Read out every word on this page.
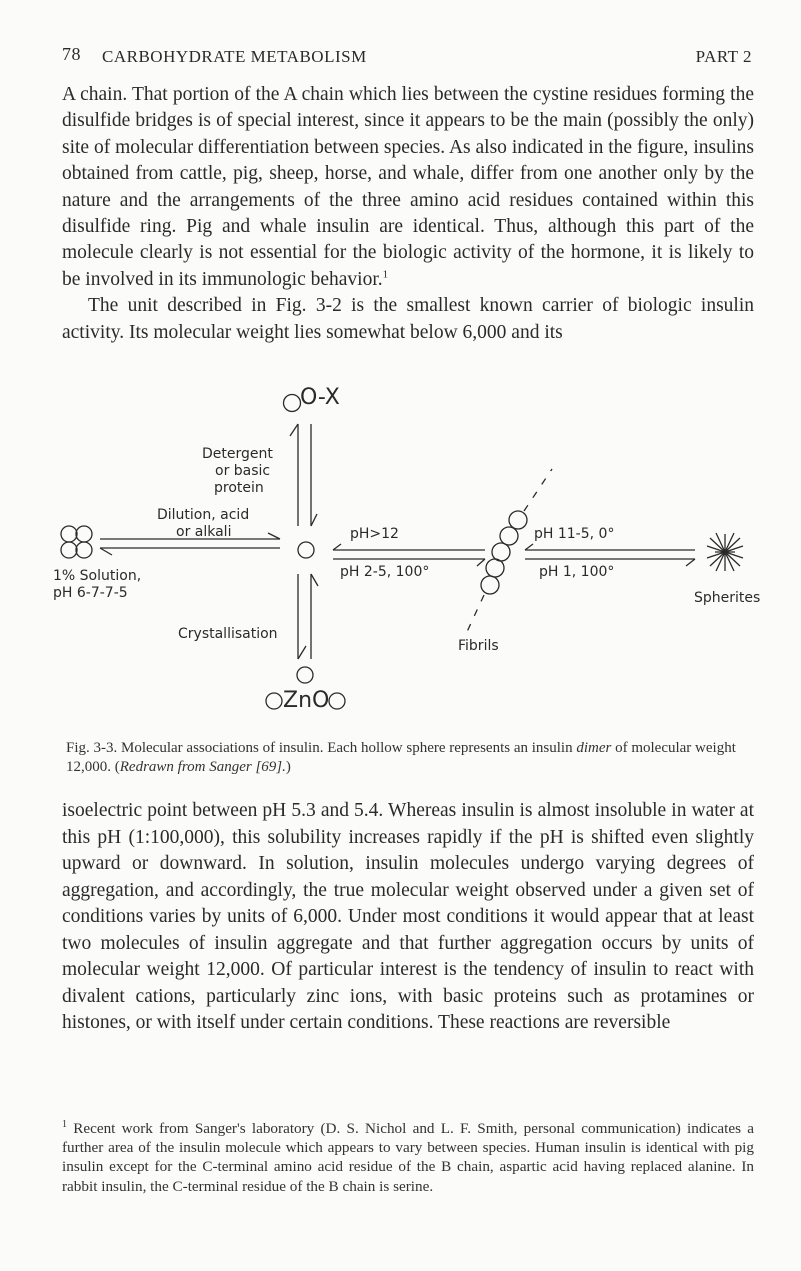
78 CARBOHYDRATE METABOLISM	PART 2

A chain. That portion of the A chain which lies between the cystine residues forming the disulfide bridges is of special interest, since it appears to be the main (possibly the only) site of molecular differentiation between species. As also indicated in the figure, insulins obtained from cattle, pig, sheep, horse, and whale, differ from one another only by the nature and the arrangements of the three amino acid residues contained within this disulfide ring. Pig and whale insulin are identical. Thus, although this part of the molecule clearly is not essential for the biologic activity of the hormone, it is likely to be involved in its immunologic behavior.$^1$

The unit described in Fig. 3-2 is the smallest known carrier of biologic insulin activity. Its molecular weight lies somewhat below 6,000 and its

O-X
Detergent
or basic
protein
Dilution, acid
or alkali
1% Solution,
pH 6-7-7-5
Crystallisation
pH>12
pH 2-5, 100°
pH 11-5, 0°
pH 1, 100°
Fibrils
Spherites
ZnO
Fig. 3-3. Molecular associations of insulin. Each hollow sphere represents an insulin dimer of molecular weight 12,000. (Redrawn from Sanger [69].)

isoelectric point between pH 5.3 and 5.4. Whereas insulin is almost insoluble in water at this pH (1:100,000), this solubility increases rapidly if the pH is shifted even slightly upward or downward. In solution, insulin molecules undergo varying degrees of aggregation, and accordingly, the true molecular weight observed under a given set of conditions varies by units of 6,000. Under most conditions it would appear that at least two molecules of insulin aggregate and that further aggregation occurs by units of molecular weight 12,000. Of particular interest is the tendency of insulin to react with divalent cations, particularly zinc ions, with basic proteins such as protamines or histones, or with itself under certain conditions. These reactions are reversible

$^1$ Recent work from Sanger's laboratory (D. S. Nichol and L. F. Smith, personal communication) indicates a further area of the insulin molecule which appears to vary between species. Human insulin is identical with pig insulin except for the C-terminal amino acid residue of the B chain, aspartic acid having replaced alanine. In rabbit insulin, the C-terminal residue of the B chain is serine.
